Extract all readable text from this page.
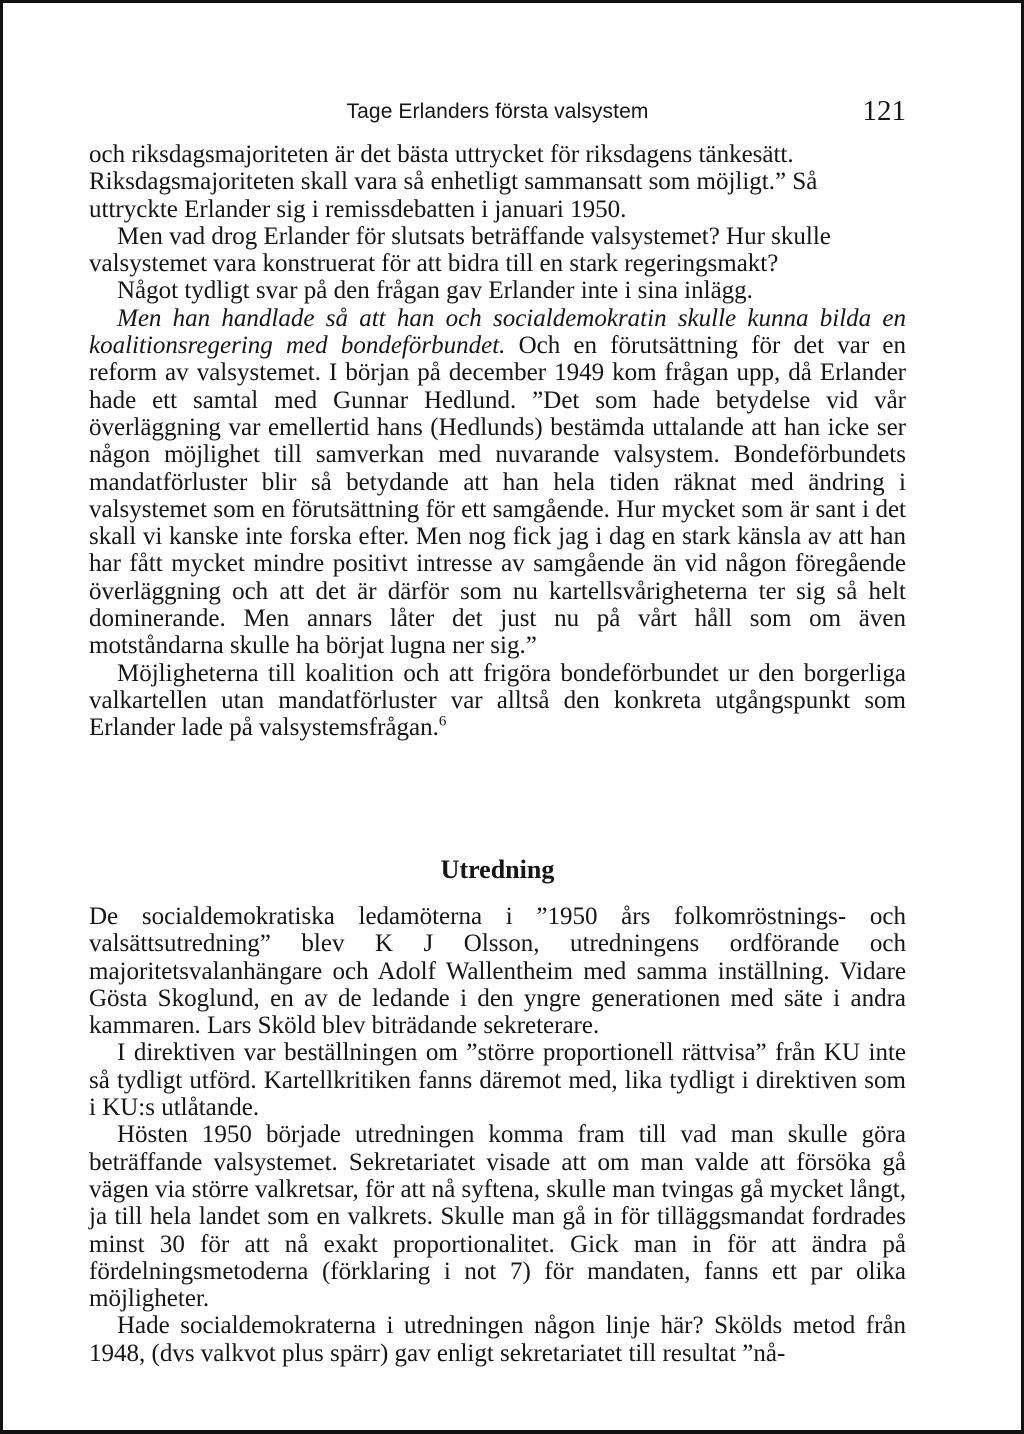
Tage Erlanders första valsystem	121

och riksdagsmajoriteten är det bästa uttrycket för riksdagens tänkesätt. Riksdagsmajoriteten skall vara så enhetligt sammansatt som möjligt.” Så uttryckte Erlander sig i remissdebatten i januari 1950.

Men vad drog Erlander för slutsats beträffande valsystemet? Hur skulle valsystemet vara konstruerat för att bidra till en stark regeringsmakt?

Något tydligt svar på den frågan gav Erlander inte i sina inlägg.

Men han handlade så att han och socialdemokratin skulle kunna bilda en koalitionsregering med bondeförbundet. Och en förutsättning för det var en reform av valsystemet. I början på december 1949 kom frågan upp, då Erlander hade ett samtal med Gunnar Hedlund. ”Det som hade betydelse vid vår överläggning var emellertid hans (Hedlunds) bestämda uttalande att han icke ser någon möjlighet till samverkan med nuvarande valsystem. Bondeförbundets mandatförluster blir så betydande att han hela tiden räknat med ändring i valsystemet som en förutsättning för ett samgående. Hur mycket som är sant i det skall vi kanske inte forska efter. Men nog fick jag i dag en stark känsla av att han har fått mycket mindre positivt intresse av samgående än vid någon föregående överläggning och att det är därför som nu kartellsvårigheterna ter sig så helt dominerande. Men annars låter det just nu på vårt håll som om även motståndarna skulle ha börjat lugna ner sig.”

Möjligheterna till koalition och att frigöra bondeförbundet ur den borgerliga valkartellen utan mandatförluster var alltså den konkreta utgångspunkt som Erlander lade på valsystemsfrågan.$^6$

Utredning

De socialdemokratiska ledamöterna i ”1950 års folkomröstnings- och valsättsutredning” blev K J Olsson, utredningens ordförande och majoritetsvalanhängare och Adolf Wallentheim med samma inställning. Vidare Gösta Skoglund, en av de ledande i den yngre generationen med säte i andra kammaren. Lars Sköld blev biträdande sekreterare.

I direktiven var beställningen om ”större proportionell rättvisa” från KU inte så tydligt utförd. Kartellkritiken fanns däremot med, lika tydligt i direktiven som i KU:s utlåtande.

Hösten 1950 började utredningen komma fram till vad man skulle göra beträffande valsystemet. Sekretariatet visade att om man valde att försöka gå vägen via större valkretsar, för att nå syftena, skulle man tvingas gå mycket långt, ja till hela landet som en valkrets. Skulle man gå in för tilläggsmandat fordrades minst 30 för att nå exakt proportionalitet. Gick man in för att ändra på fördelningsmetoderna (förklaring i not 7) för mandaten, fanns ett par olika möjligheter.

Hade socialdemokraterna i utredningen någon linje här? Skölds metod från 1948, (dvs valkvot plus spärr) gav enligt sekretariatet till resultat ”nå-
